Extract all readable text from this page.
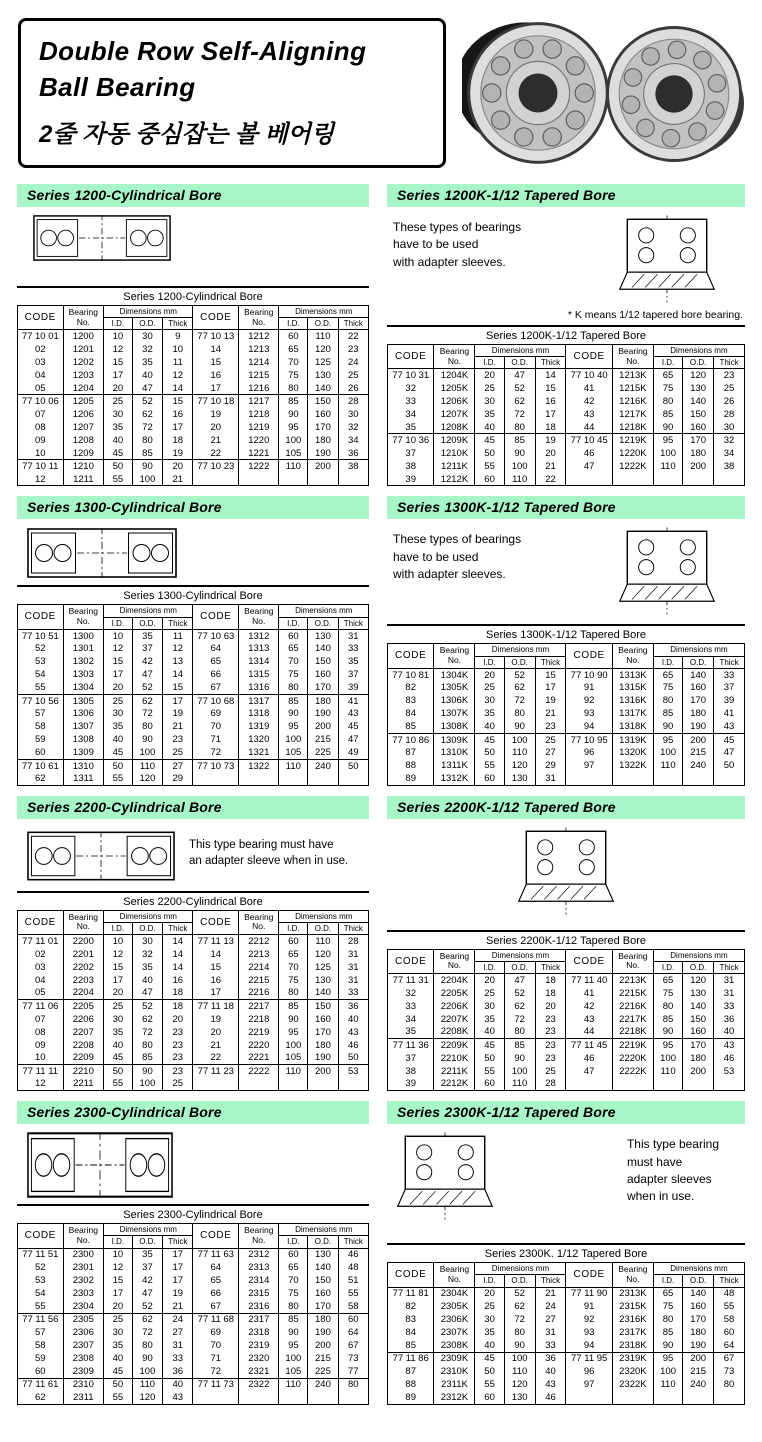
Double Row Self-Aligning
Ball Bearing
2줄 자동 중심잡는 볼 베어링
Series 1200-Cylindrical Bore
Series 1200-Cylindrical Bore
CODE	Bearing No.	Dimensions mm			CODE	Bearing No.	Dimensions mm		
		I.D.	O.D.	Thick			I.D.	O.D.	Thick
77 10 01	1200	10	30	9	77 10 13	1212	60	110	22
02	1201	12	32	10	14	1213	65	120	23
03	1202	15	35	11	15	1214	70	125	24
04	1203	17	40	12	16	1215	75	130	25
05	1204	20	47	14	17	1216	80	140	26
77 10 06	1205	25	52	15	77 10 18	1217	85	150	28
07	1206	30	62	16	19	1218	90	160	30
08	1207	35	72	17	20	1219	95	170	32
09	1208	40	80	18	21	1220	100	180	34
10	1209	45	85	19	22	1221	105	190	36
77 10 11	1210	50	90	20	77 10 23	1222	110	200	38
12	1211	55	100	21					
Series 1200K-1/12 Tapered Bore
These types of bearings
have to be used
with adapter sleeves.
* K means 1/12 tapered bore bearing.
Series 1200K-1/12 Tapered Bore
CODE	Bearing No.	Dimensions mm			CODE	Bearing No.	Dimensions mm		
		I.D.	O.D.	Thick			I.D.	O.D.	Thick
77 10 31	1204K	20	47	14	77 10 40	1213K	65	120	23
32	1205K	25	52	15	41	1215K	75	130	25
33	1206K	30	62	16	42	1216K	80	140	26
34	1207K	35	72	17	43	1217K	85	150	28
35	1208K	40	80	18	44	1218K	90	160	30
77 10 36	1209K	45	85	19	77 10 45	1219K	95	170	32
37	1210K	50	90	20	46	1220K	100	180	34
38	1211K	55	100	21	47	1222K	110	200	38
39	1212K	60	110	22					
Series 1300-Cylindrical Bore
Series 1300-Cylindrical Bore
CODE	Bearing No.	Dimensions mm			CODE	Bearing No.	Dimensions mm		
		I.D.	O.D.	Thick			I.D.	O.D.	Thick
77 10 51	1300	10	35	11	77 10 63	1312	60	130	31
52	1301	12	37	12	64	1313	65	140	33
53	1302	15	42	13	65	1314	70	150	35
54	1303	17	47	14	66	1315	75	160	37
55	1304	20	52	15	67	1316	80	170	39
77 10 56	1305	25	62	17	77 10 68	1317	85	180	41
57	1306	30	72	19	69	1318	90	190	43
58	1307	35	80	21	70	1319	95	200	45
59	1308	40	90	23	71	1320	100	215	47
60	1309	45	100	25	72	1321	105	225	49
77 10 61	1310	50	110	27	77 10 73	1322	110	240	50
62	1311	55	120	29					
Series 1300K-1/12 Tapered Bore
These types of bearings
have to be used
with adapter sleeves.
Series 1300K-1/12 Tapered Bore
CODE	Bearing No.	Dimensions mm			CODE	Bearing No.	Dimensions mm		
		I.D.	O.D.	Thick			I.D.	O.D.	Thick
77 10 81	1304K	20	52	15	77 10 90	1313K	65	140	33
82	1305K	25	62	17	91	1315K	75	160	37
83	1306K	30	72	19	92	1316K	80	170	39
84	1307K	35	80	21	93	1317K	85	180	41
85	1308K	40	90	23	94	1318K	90	190	43
77 10 86	1309K	45	100	25	77 10 95	1319K	95	200	45
87	1310K	50	110	27	96	1320K	100	215	47
88	1311K	55	120	29	97	1322K	110	240	50
89	1312K	60	130	31					
Series 2200-Cylindrical Bore
This type bearing must have
an adapter sleeve when in use.
Series 2200-Cylindrical Bore
CODE	Bearing No.	Dimensions mm			CODE	Bearing No.	Dimensions mm		
		I.D.	O.D.	Thick			I.D.	O.D.	Thick
77 11 01	2200	10	30	14	77 11 13	2212	60	110	28
02	2201	12	32	14	14	2213	65	120	31
03	2202	15	35	14	15	2214	70	125	31
04	2203	17	40	16	16	2215	75	130	31
05	2204	20	47	18	17	2216	80	140	33
77 11 06	2205	25	52	18	77 11 18	2217	85	150	36
07	2206	30	62	20	19	2218	90	160	40
08	2207	35	72	23	20	2219	95	170	43
09	2208	40	80	23	21	2220	100	180	46
10	2209	45	85	23	22	2221	105	190	50
77 11 11	2210	50	90	23	77 11 23	2222	110	200	53
12	2211	55	100	25					
Series 2200K-1/12 Tapered Bore
Series 2200K-1/12 Tapered Bore
CODE	Bearing No.	Dimensions mm			CODE	Bearing No.	Dimensions mm		
		I.D.	O.D.	Thick			I.D.	O.D.	Thick
77 11 31	2204K	20	47	18	77 11 40	2213K	65	120	31
32	2205K	25	52	18	41	2215K	75	130	31
33	2206K	30	62	20	42	2216K	80	140	33
34	2207K	35	72	23	43	2217K	85	150	36
35	2208K	40	80	23	44	2218K	90	160	40
77 11 36	2209K	45	85	23	77 11 45	2219K	95	170	43
37	2210K	50	90	23	46	2220K	100	180	46
38	2211K	55	100	25	47	2222K	110	200	53
39	2212K	60	110	28					
Series 2300-Cylindrical Bore
Series 2300-Cylindrical Bore
CODE	Bearing No.	Dimensions mm			CODE	Bearing No.	Dimensions mm		
		I.D.	O.D.	Thick			I.D.	O.D.	Thick
77 11 51	2300	10	35	17	77 11 63	2312	60	130	46
52	2301	12	37	17	64	2313	65	140	48
53	2302	15	42	17	65	2314	70	150	51
54	2303	17	47	19	66	2315	75	160	55
55	2304	20	52	21	67	2316	80	170	58
77 11 56	2305	25	62	24	77 11 68	2317	85	180	60
57	2306	30	72	27	69	2318	90	190	64
58	2307	35	80	31	70	2319	95	200	67
59	2308	40	90	33	71	2320	100	215	73
60	2309	45	100	36	72	2321	105	225	77
77 11 61	2310	50	110	40	77 11 73	2322	110	240	80
62	2311	55	120	43					
Series 2300K-1/12 Tapered Bore
This type bearing
must have
adapter sleeves
when in use.
Series 2300K. 1/12 Tapered Bore
CODE	Bearing No.	Dimensions mm			CODE	Bearing No.	Dimensions mm		
		I.D.	O.D.	Thick			I.D.	O.D.	Thick
77 11 81	2304K	20	52	21	77 11 90	2313K	65	140	48
82	2305K	25	62	24	91	2315K	75	160	55
83	2306K	30	72	27	92	2316K	80	170	58
84	2307K	35	80	31	93	2317K	85	180	60
85	2308K	40	90	33	94	2318K	90	190	64
77 11 86	2309K	45	100	36	77 11 95	2319K	95	200	67
87	2310K	50	110	40	96	2320K	100	215	73
88	2311K	55	120	43	97	2322K	110	240	80
89	2312K	60	130	46					
